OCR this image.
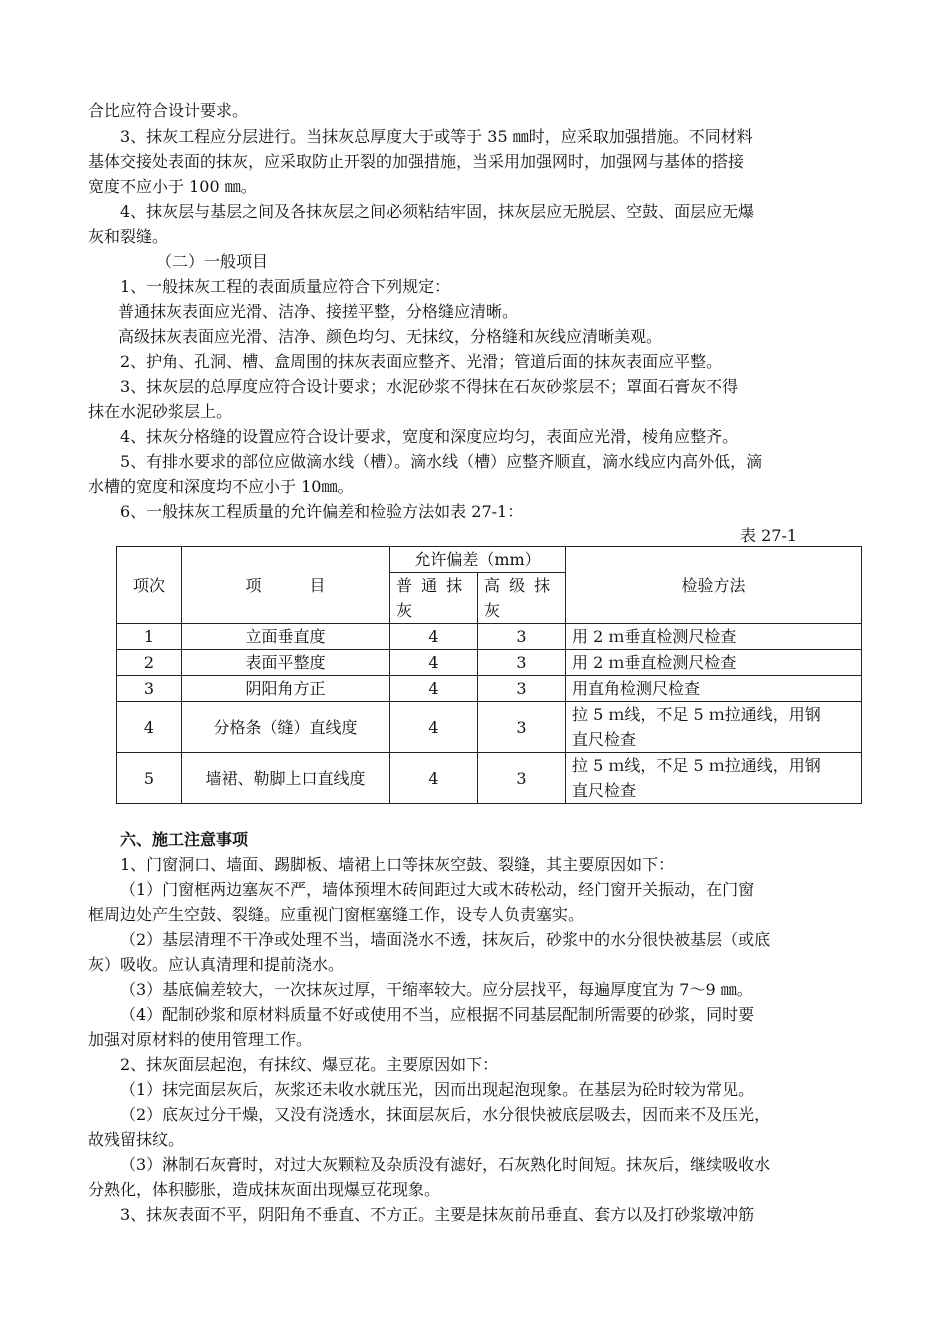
合比应符合设计要求。
3、抹灰工程应分层进行。当抹灰总厚度大于或等于 35 ㎜时，应采取加强措施。不同材料
基体交接处表面的抹灰，应采取防止开裂的加强措施，当采用加强网时，加强网与基体的搭接
宽度不应小于 100 ㎜。
4、抹灰层与基层之间及各抹灰层之间必须粘结牢固，抹灰层应无脱层、空鼓、面层应无爆
灰和裂缝。
（二）一般项目
1、一般抹灰工程的表面质量应符合下列规定：
普通抹灰表面应光滑、洁净、接搓平整，分格缝应清晰。
高级抹灰表面应光滑、洁净、颜色均匀、无抹纹，分格缝和灰线应清晰美观。
2、护角、孔洞、槽、盒周围的抹灰表面应整齐、光滑；管道后面的抹灰表面应平整。
3、抹灰层的总厚度应符合设计要求；水泥砂浆不得抹在石灰砂浆层不；罩面石膏灰不得
抹在水泥砂浆层上。
4、抹灰分格缝的设置应符合设计要求，宽度和深度应均匀，表面应光滑，棱角应整齐。
5、有排水要求的部位应做滴水线（槽）。滴水线（槽）应整齐顺直，滴水线应内高外低，滴
水槽的宽度和深度均不应小于 10㎜。
6、一般抹灰工程质量的允许偏差和检验方法如表 27-1：
表 27-1
项次	项　　　目	允许偏差（mm）		检验方法
		普 通 抹 灰	高 级 抹 灰	

1	立面垂直度	4	3	用 2 ｍ垂直检测尺检查
2	表面平整度	4	3	用 2 ｍ垂直检测尺检查
3	阴阳角方正	4	3	用直角检测尺检查
4	分格条（缝）直线度	4	3	拉 5 ｍ线，不足 5 ｍ拉通线，用钢
直尺检查

5	墙裙、勒脚上口直线度	4	3	拉 5 ｍ线，不足 5 ｍ拉通线，用钢
直尺检查
六、施工注意事项
1、门窗洞口、墙面、踢脚板、墙裙上口等抹灰空鼓、裂缝，其主要原因如下：
（1）门窗框两边塞灰不严，墙体预埋木砖间距过大或木砖松动，经门窗开关振动，在门窗
框周边处产生空鼓、裂缝。应重视门窗框塞缝工作，设专人负责塞实。
（2）基层清理不干净或处理不当，墙面浇水不透，抹灰后，砂浆中的水分很快被基层（或底
灰）吸收。应认真清理和提前浇水。
（3）基底偏差较大，一次抹灰过厚，干缩率较大。应分层找平，每遍厚度宜为 7～9 ㎜。
（4）配制砂浆和原材料质量不好或使用不当，应根据不同基层配制所需要的砂浆，同时要
加强对原材料的使用管理工作。
2、抹灰面层起泡，有抹纹、爆豆花。主要原因如下：
（1）抹完面层灰后，灰浆还未收水就压光，因而出现起泡现象。在基层为砼时较为常见。
（2）底灰过分干燥，又没有浇透水，抹面层灰后，水分很快被底层吸去，因而来不及压光，
故残留抹纹。
（3）淋制石灰膏时，对过大灰颗粒及杂质没有滤好，石灰熟化时间短。抹灰后，继续吸收水
分熟化，体积膨胀，造成抹灰面出现爆豆花现象。
3、抹灰表面不平，阴阳角不垂直、不方正。主要是抹灰前吊垂直、套方以及打砂浆墩冲筋
